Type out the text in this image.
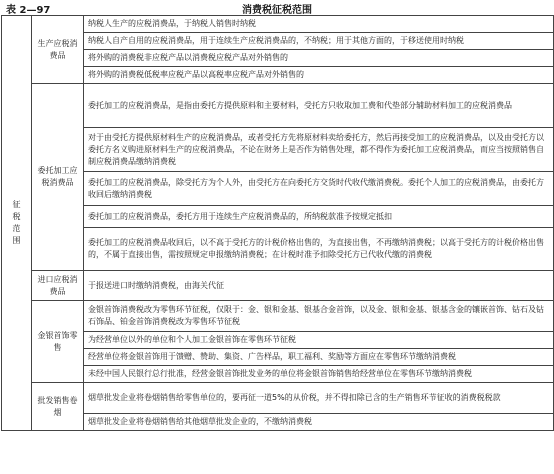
表 2—97	消费税征税范围
征
税
范
围	生产应税消费品	纳税人生产的应税消费品，于纳税人销售时纳税
		纳税人自产自用的应税消费品，用于连续生产应税消费品的，不纳税；用于其他方面的，于移送使用时纳税
		将外购的消费税非应税产品以消费税应税产品对外销售的
		将外购的消费税低税率应税产品以高税率应税产品对外销售的
	委托加工应税消费品	委托加工的应税消费品，是指由委托方提供原料和主要材料，受托方只收取加工费和代垫部分辅助材料加工的应税消费品
		对于由受托方提供原材料生产的应税消费品，或者受托方先将原材料卖给委托方，然后再接受加工的应税消费品，以及由受托方以委托方名义购进原材料生产的应税消费品，不论在财务上是否作为销售处理，都不得作为委托加工应税消费品，而应当按照销售自制应税消费品缴纳消费税
		委托加工的应税消费品，除受托方为个人外，由受托方在向委托方交货时代收代缴消费税。委托个人加工的应税消费品，由委托方收回后缴纳消费税
		委托加工的应税消费品，委托方用于连续生产应税消费品的，所纳税款准予按规定抵扣
		委托加工的应税消费品收回后，以不高于受托方的计税价格出售的，为直接出售，不再缴纳消费税；以高于受托方的计税价格出售的，不属于直接出售，需按照规定申报缴纳消费税；在计税时准予扣除受托方已代收代缴的消费税
	进口应税消费品	于报送进口时缴纳消费税，由海关代征
	金银首饰零售	金银首饰消费税改为零售环节征税，仅限于：金、银和金基、银基合金首饰，以及金、银和金基、银基含金的镶嵌首饰、钻石及钻石饰品、铂金首饰消费税改为零售环节征税
		为经营单位以外的单位和个人加工金银首饰在零售环节征税
		经营单位将金银首饰用于馈赠、赞助、集资、广告样品，职工福利、奖励等方面应在零售环节缴纳消费税
		未经中国人民银行总行批准，经营金银首饰批发业务的单位将金银首饰销售给经营单位在零售环节缴纳消费税
	批发销售卷烟	烟草批发企业将卷烟销售给零售单位的，要再征一道5%的从价税，并不得扣除已含的生产销售环节征收的消费税税款
		烟草批发企业将卷烟销售给其他烟草批发企业的，不缴纳消费税
